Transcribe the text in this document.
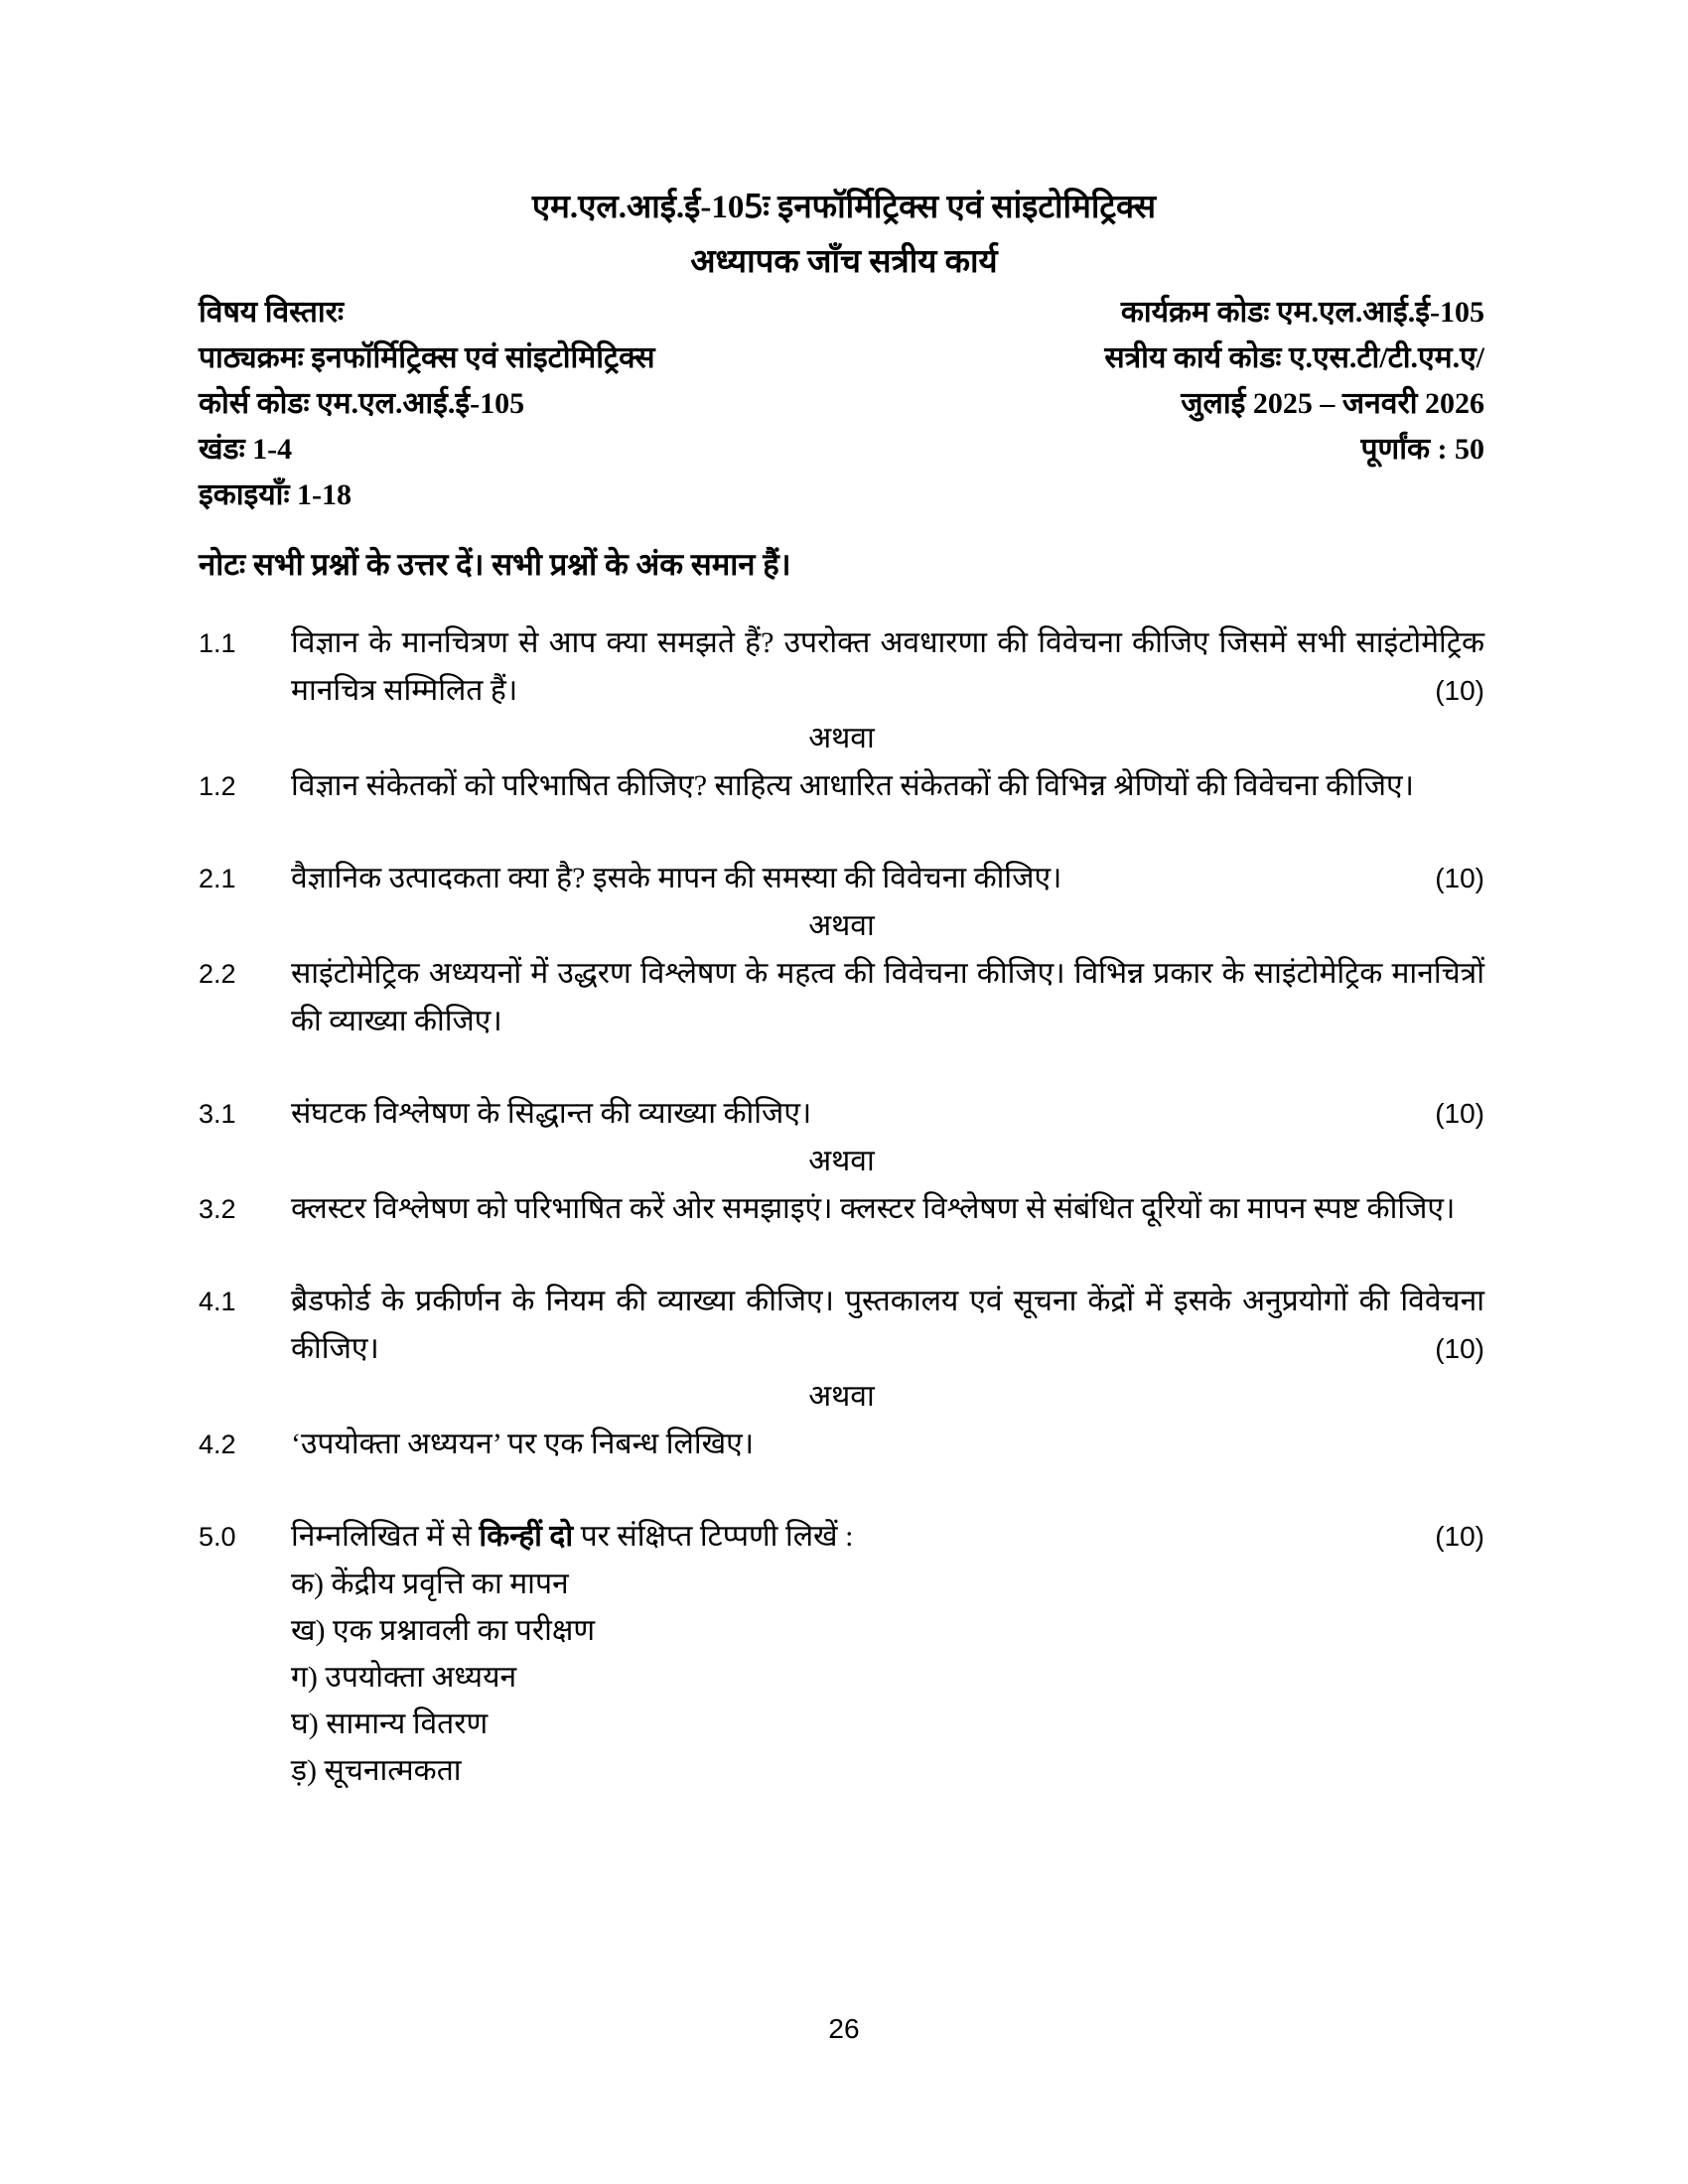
एम.एल.आई.ई-105ः इनफॉर्मिट्रिक्स एवं सांइटोमिट्रिक्स
अध्यापक जाँच सत्रीय कार्य
विषय विस्तारः	कार्यक्रम कोडः एम.एल.आई.ई-105
पाठ्यक्रमः इनफॉर्मिट्रिक्स एवं सांइटोमिट्रिक्स	सत्रीय कार्य कोडः ए.एस.टी/टी.एम.ए/
कोर्स कोडः एम.एल.आई.ई-105	जुलाई 2025 – जनवरी 2026
खंडः 1-4	पूर्णांक : 50
इकाइयाँः 1-18
नोटः सभी प्रश्नों के उत्तर दें। सभी प्रश्नों के अंक समान हैं।
1.1	विज्ञान के मानचित्रण से आप क्या समझते हैं? उपरोक्त अवधारणा की विवेचना कीजिए जिसमें सभी साइंटोमेट्रिक मानचित्र सम्मिलित हैं।	(10)
अथवा
1.2	विज्ञान संकेतकों को परिभाषित कीजिए? साहित्य आधारित संकेतकों की विभिन्न श्रेणियों की विवेचना कीजिए।

2.1	वैज्ञानिक उत्पादकता क्या है? इसके मापन की समस्या की विवेचना कीजिए।	(10)
अथवा
2.2	साइंटोमेट्रिक अध्ययनों में उद्धरण विश्लेषण के महत्व की विवेचना कीजिए। विभिन्न प्रकार के साइंटोमेट्रिक मानचित्रों की व्याख्या कीजिए।

3.1	संघटक विश्लेषण के सिद्धान्त की व्याख्या कीजिए।	(10)
अथवा
3.2	क्लस्टर विश्लेषण को परिभाषित करें ओर समझाइएं। क्लस्टर विश्लेषण से संबंधित दूरियों का मापन स्पष्ट कीजिए।

4.1	ब्रैडफोर्ड के प्रकीर्णन के नियम की व्याख्या कीजिए। पुस्तकालय एवं सूचना केंद्रों में इसके अनुप्रयोगों की विवेचना कीजिए।	(10)
अथवा
4.2	‘उपयोक्ता अध्ययन’ पर एक निबन्ध लिखिए।

5.0	निम्नलिखित में से किन्हीं दो पर संक्षिप्त टिप्पणी लिखें :	(10)
क) केंद्रीय प्रवृत्ति का मापन
ख) एक प्रश्नावली का परीक्षण
ग) उपयोक्ता अध्ययन
घ) सामान्य वितरण
ड़) सूचनात्मकता
26
